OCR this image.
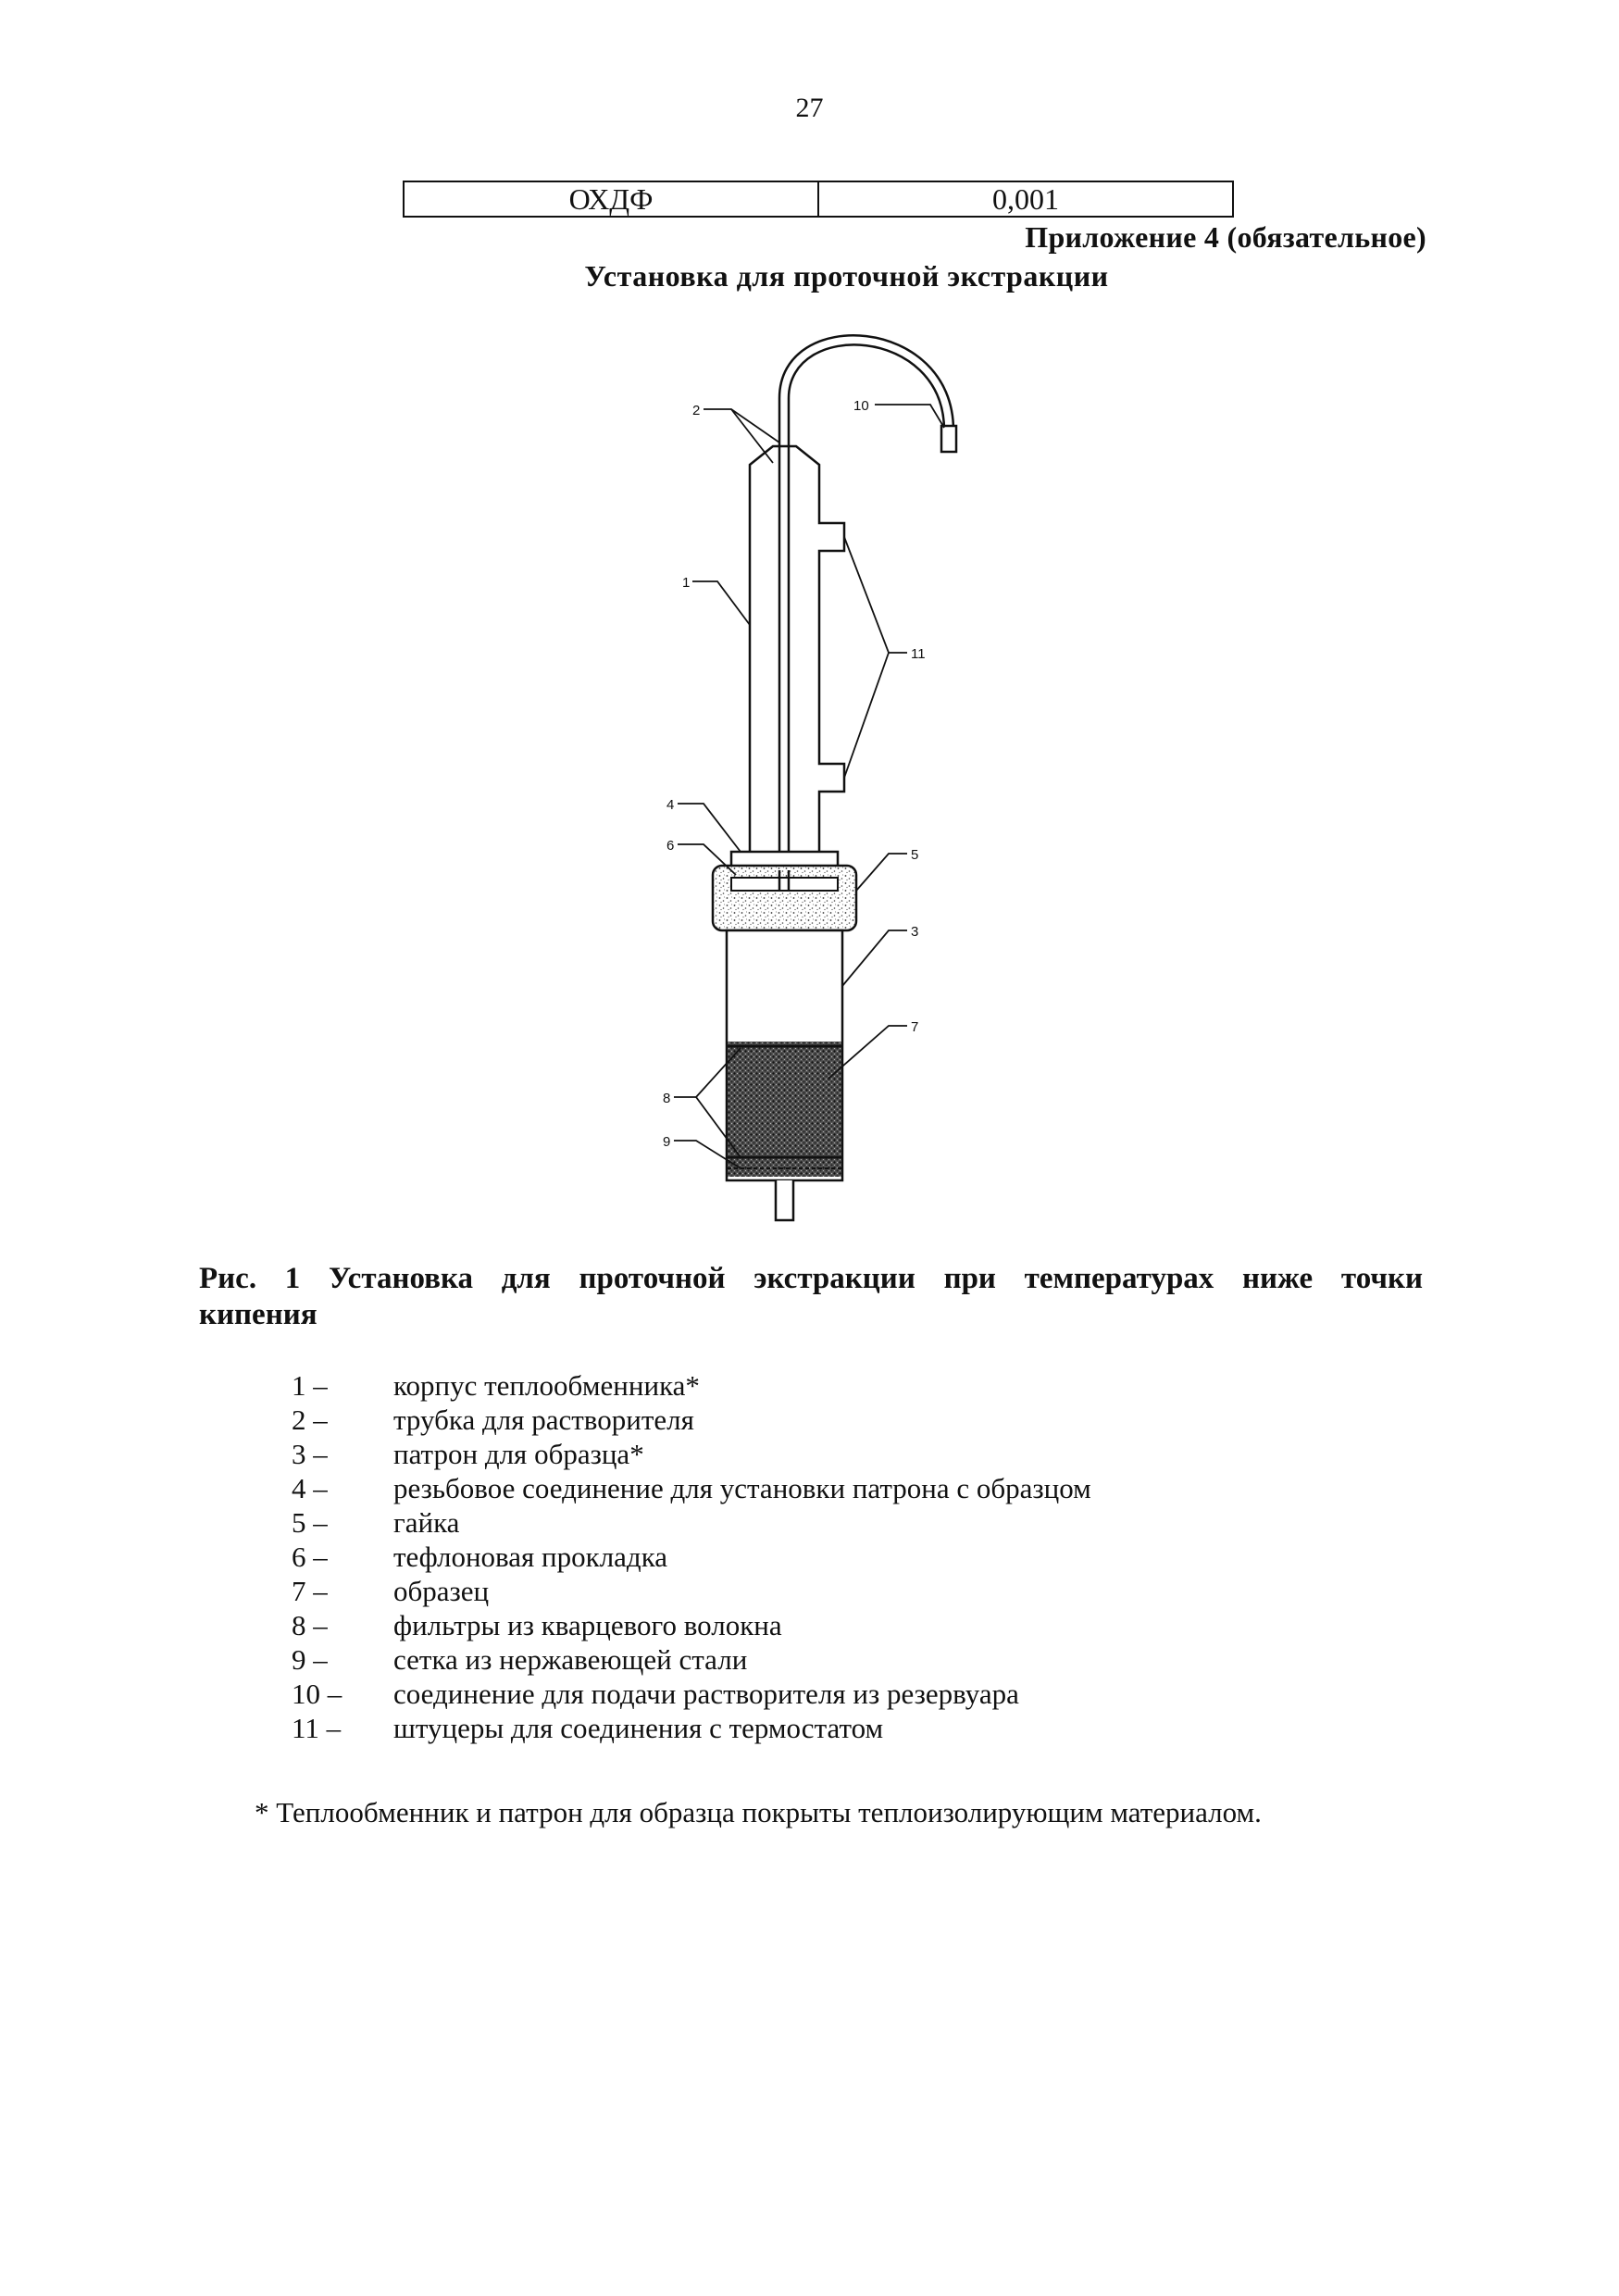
27
ОХДФ	0,001
Приложение 4 (обязательное)
Установка для проточной экстракции
1
2
3
4
5
6
7
8
9
10
11
Рис. 1 Установка для проточной экстракции при температурах ниже точки
кипения
1 –	корпус теплообменника*
2 –	трубка для растворителя
3 –	патрон для образца*
4 –	резьбовое соединение для установки патрона с образцом
5 –	гайка
6 –	тефлоновая прокладка
7 –	образец
8 –	фильтры из кварцевого волокна
9 –	сетка из нержавеющей стали
10 –	соединение для подачи растворителя из резервуара
11 –	штуцеры для соединения с термостатом
* Теплообменник и патрон для образца покрыты теплоизолирующим материалом.
